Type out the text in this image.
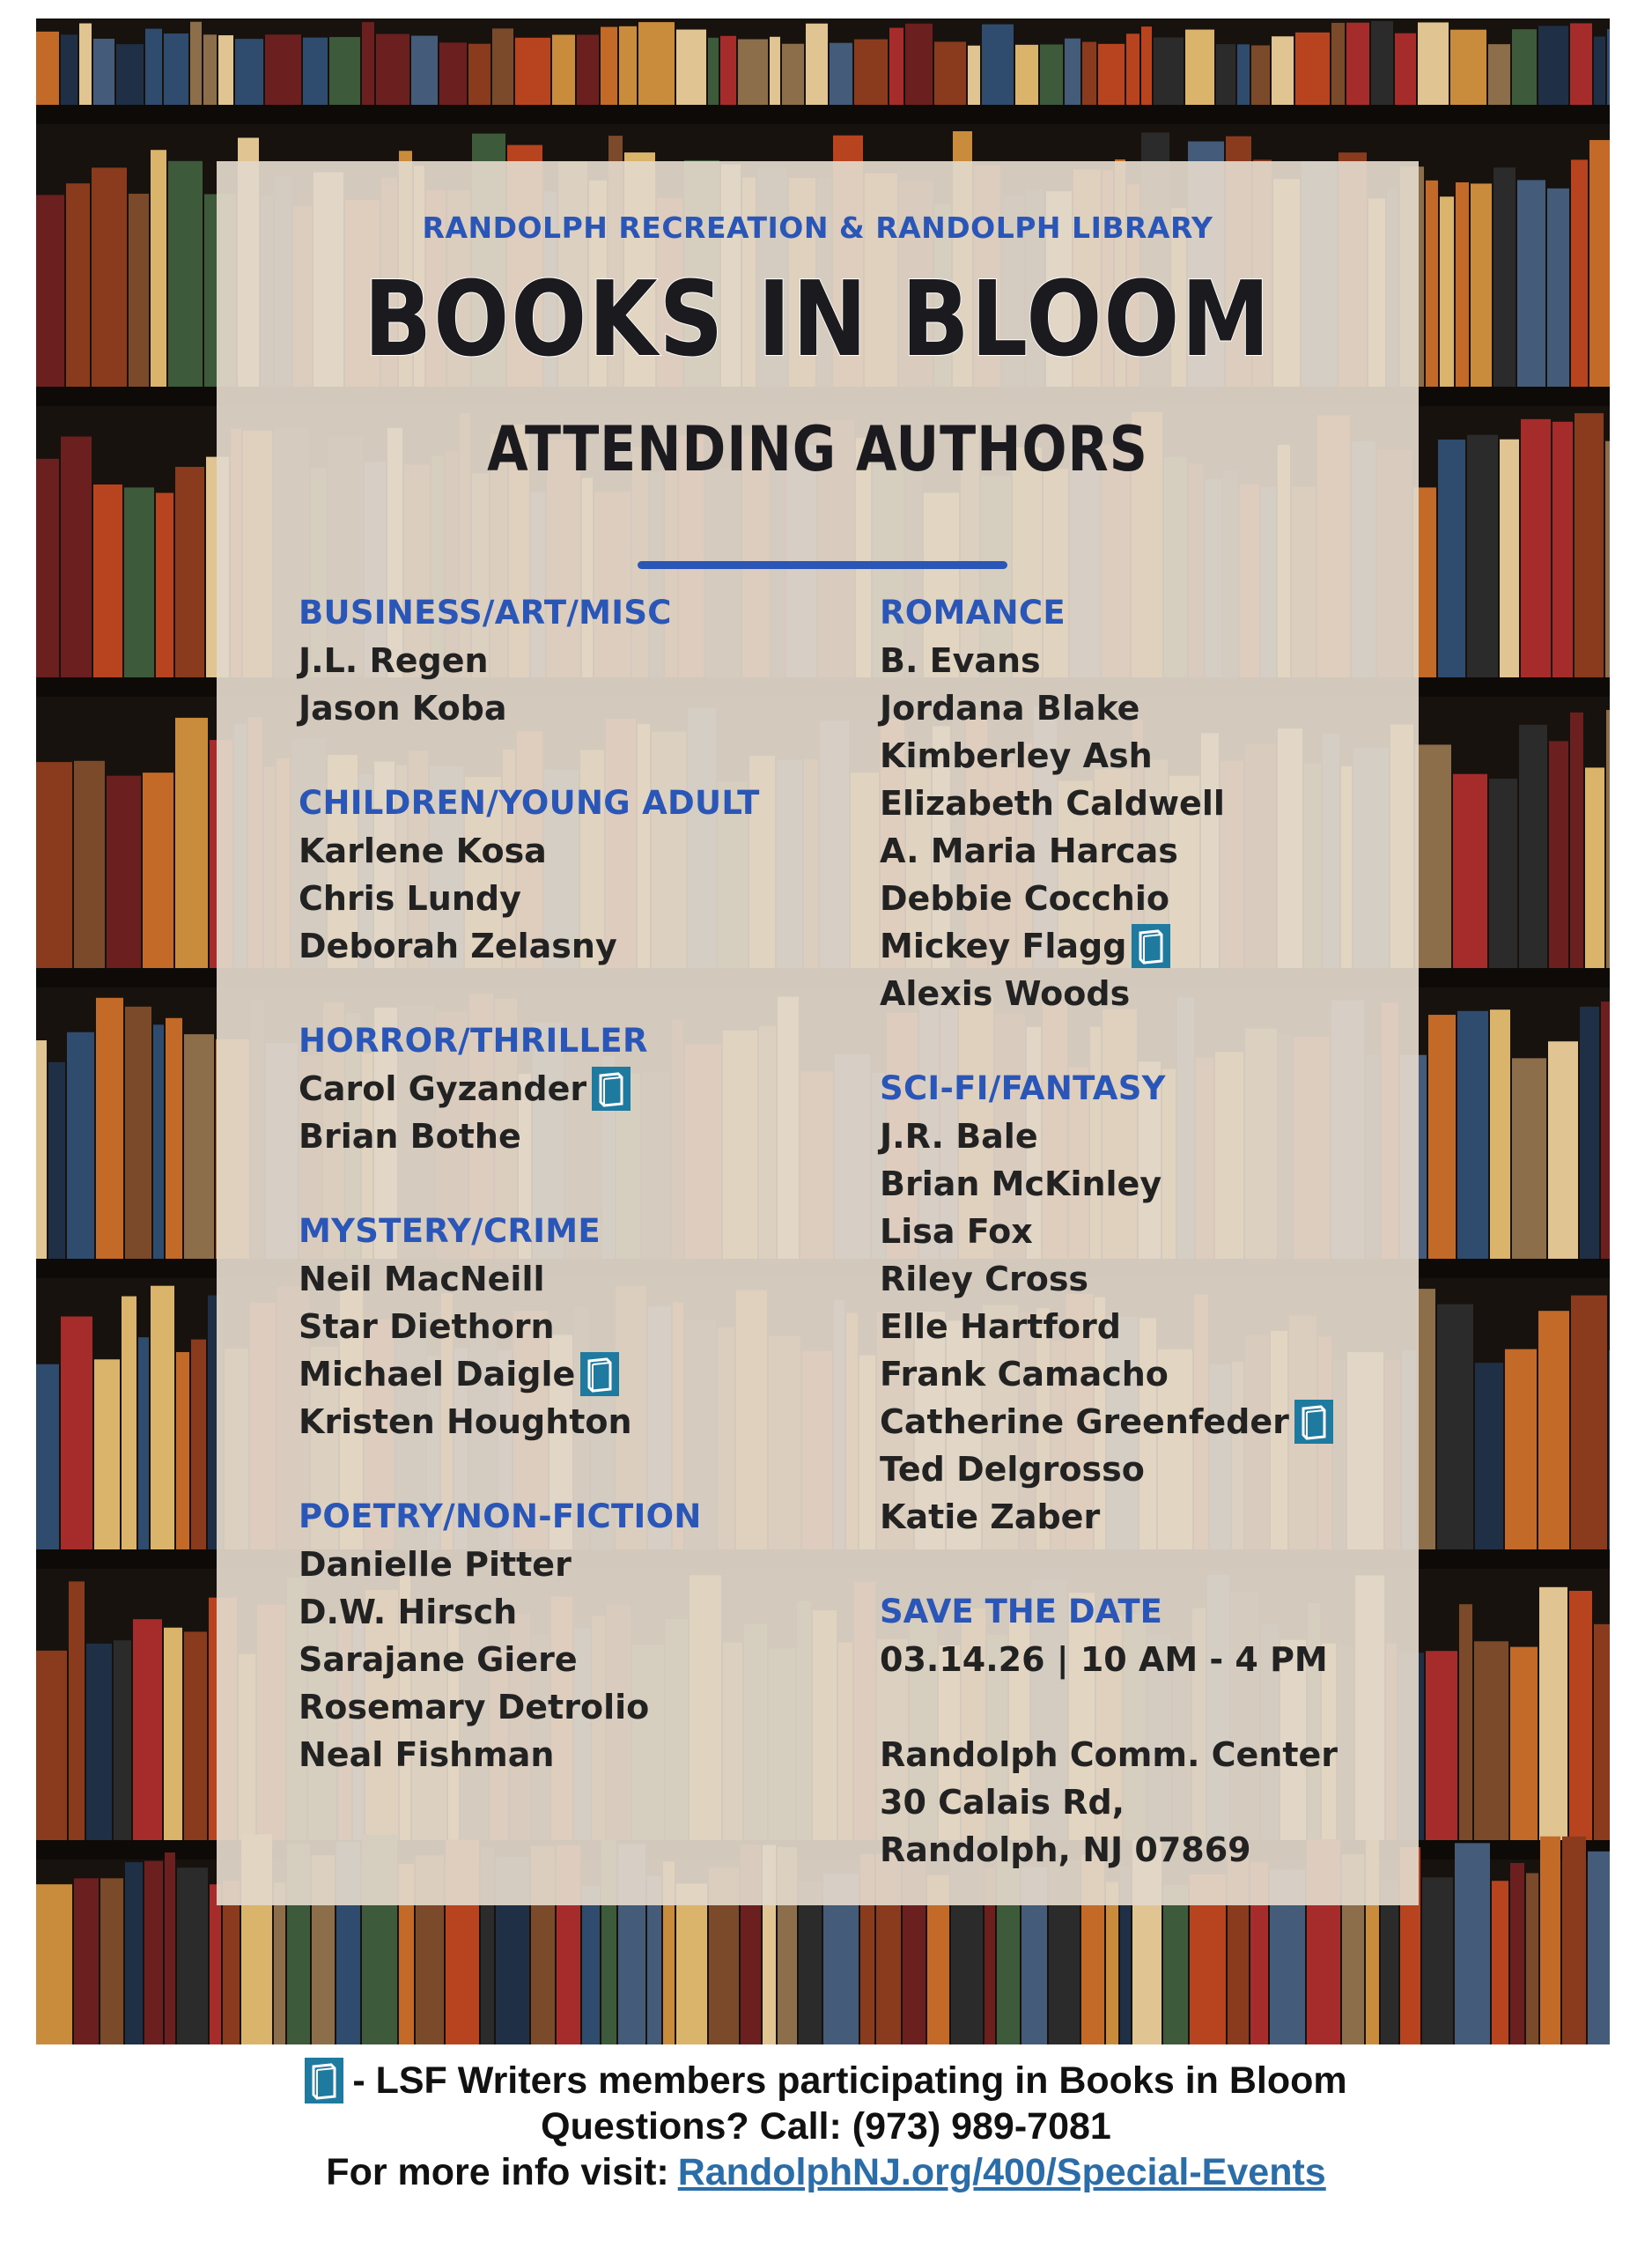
RANDOLPH RECREATION & RANDOLPH LIBRARY
BOOKS IN BLOOM
ATTENDING AUTHORS
BUSINESS/ART/MISC
J.L. Regen
Jason Koba
CHILDREN/YOUNG ADULT
Karlene Kosa
Chris Lundy
Deborah Zelasny
HORROR/THRILLER
Carol Gyzander
Brian Bothe
MYSTERY/CRIME
Neil MacNeill
Star Diethorn
Michael Daigle
Kristen Houghton
POETRY/NON-FICTION
Danielle Pitter
D.W. Hirsch
Sarajane Giere
Rosemary Detrolio
Neal Fishman
ROMANCE
B. Evans
Jordana Blake
Kimberley Ash
Elizabeth Caldwell
A. Maria Harcas
Debbie Cocchio
Mickey Flagg
Alexis Woods
SCI-FI/FANTASY
J.R. Bale
Brian McKinley
Lisa Fox
Riley Cross
Elle Hartford
Frank Camacho
Catherine Greenfeder
Ted Delgrosso
Katie Zaber
SAVE THE DATE
03.14.26 | 10 AM - 4 PM
Randolph Comm. Center
30 Calais Rd,
Randolph, NJ 07869
- LSF Writers members participating in Books in Bloom
Questions? Call: (973) 989-7081
For more info visit: RandolphNJ.org/400/Special-Events
